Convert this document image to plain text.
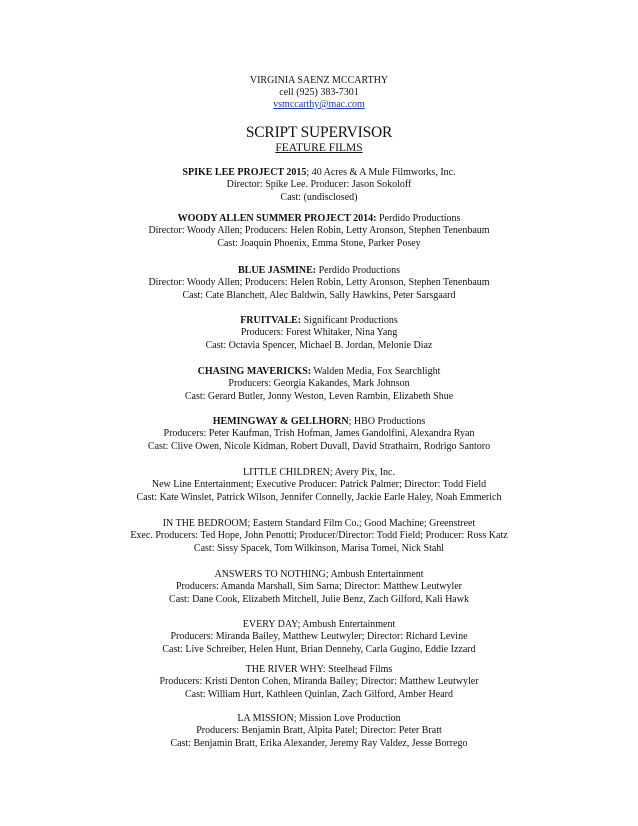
VIRGINIA SAENZ MCCARTHY
cell (925) 383-7301
vsmccarthy@mac.com
SCRIPT SUPERVISOR
FEATURE FILMS
SPIKE LEE PROJECT 2015; 40 Acres & A Mule Filmworks, Inc.
Director: Spike Lee. Producer: Jason Sokoloff
Cast: (undisclosed)
WOODY ALLEN SUMMER PROJECT 2014: Perdido Productions
Director: Woody Allen; Producers: Helen Robin, Letty Aronson, Stephen Tenenbaum
Cast: Joaquin Phoenix, Emma Stone, Parker Posey
BLUE JASMINE: Perdido Productions
Director: Woody Allen; Producers: Helen Robin, Letty Aronson, Stephen Tenenbaum
Cast: Cate Blanchett, Alec Baldwin, Sally Hawkins, Peter Sarsgaard
FRUITVALE: Significant Productions
Producers: Forest Whitaker, Nina Yang
Cast: Octavia Spencer, Michael B. Jordan, Melonie Diaz
CHASING MAVERICKS: Walden Media, Fox Searchlight
Producers: Georgia Kakandes, Mark Johnson
Cast: Gerard Butler, Jonny Weston, Leven Rambin, Elizabeth Shue
HEMINGWAY & GELLHORN; HBO Productions
Producers: Peter Kaufman, Trish Hofman, James Gandolfini, Alexandra Ryan
Cast: Clive Owen, Nicole Kidman, Robert Duvall, David Strathairn, Rodrigo Santoro
LITTLE CHILDREN; Avery Pix, Inc.
New Line Entertainment; Executive Producer: Patrick Palmer; Director: Todd Field
Cast: Kate Winslet, Patrick Wilson, Jennifer Connelly, Jackie Earle Haley, Noah Emmerich
IN THE BEDROOM; Eastern Standard Film Co.; Good Machine; Greenstreet
Exec. Producers: Ted Hope, John Penotti; Producer/Director: Todd Field; Producer: Ross Katz
Cast: Sissy Spacek, Tom Wilkinson, Marisa Tomei, Nick Stahl
ANSWERS TO NOTHING; Ambush Entertainment
Producers: Amanda Marshall, Sim Sarna; Director: Matthew Leutwyler
Cast: Dane Cook, Elizabeth Mitchell, Julie Benz, Zach Gilford, Kali Hawk
EVERY DAY; Ambush Entertainment
Producers: Miranda Bailey, Matthew Leutwyler; Director: Richard Levine
Cast: Live Schreiber, Helen Hunt, Brian Dennehy, Carla Gugino, Eddie Izzard
THE RIVER WHY: Steelhead Films
Producers: Kristi Denton Cohen, Miranda Bailey; Director: Matthew Leutwyler
Cast: William Hurt, Kathleen Quinlan, Zach Gilford, Amber Heard
LA MISSION; Mission Love Production
Producers: Benjamin Bratt, Alpita Patel; Director: Peter Bratt
Cast: Benjamin Bratt, Erika Alexander, Jeremy Ray Valdez, Jesse Borrego
